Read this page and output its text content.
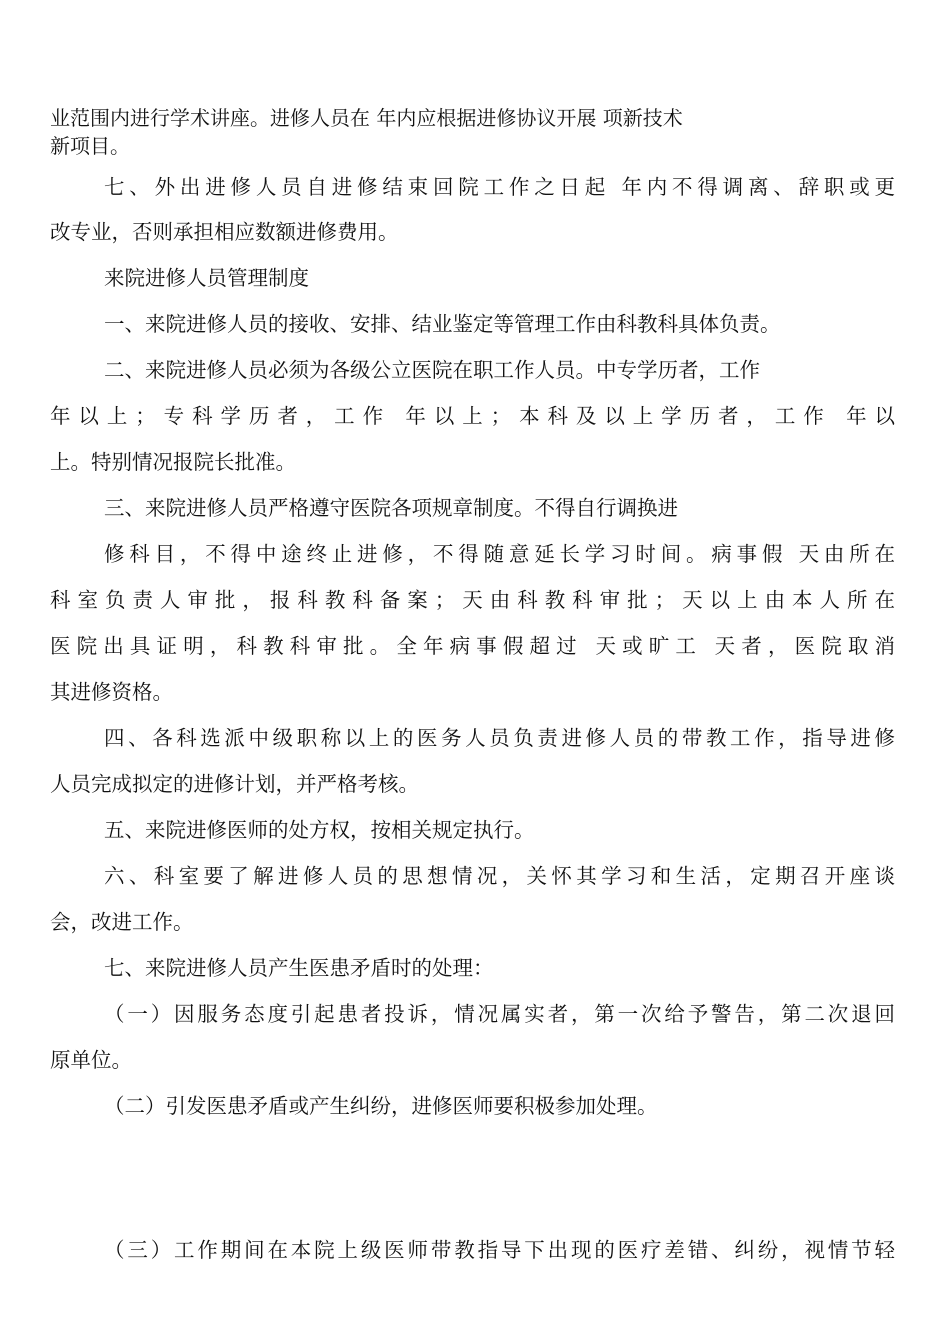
业范围内进行学术讲座。进修人员在 年内应根据进修协议开展 项新技术
新项目。
七、外出进修人员自进修结束回院工作之日起 年内不得调离、辞职或更
改专业，否则承担相应数额进修费用。
来院进修人员管理制度
一、来院进修人员的接收、安排、结业鉴定等管理工作由科教科具体负责。
二、来院进修人员必须为各级公立医院在职工作人员。中专学历者，工作
年以上；专科学历者，工作 年以上；本科及以上学历者，工作 年以
上。特别情况报院长批准。
三、来院进修人员严格遵守医院各项规章制度。不得自行调换进
修科目，不得中途终止进修，不得随意延长学习时间。病事假 天由所在
科室负责人审批，报科教科备案；天由科教科审批；天以上由本人所在
医院出具证明，科教科审批。全年病事假超过 天或旷工 天者，医院取消
其进修资格。
四、各科选派中级职称以上的医务人员负责进修人员的带教工作，指导进修
人员完成拟定的进修计划，并严格考核。
五、来院进修医师的处方权，按相关规定执行。
六、科室要了解进修人员的思想情况，关怀其学习和生活，定期召开座谈
会，改进工作。
七、来院进修人员产生医患矛盾时的处理：
（一）因服务态度引起患者投诉，情况属实者，第一次给予警告，第二次退回
原单位。
（二）引发医患矛盾或产生纠纷，进修医师要积极参加处理。
（三）工作期间在本院上级医师带教指导下出现的医疗差错、纠纷，视情节轻
